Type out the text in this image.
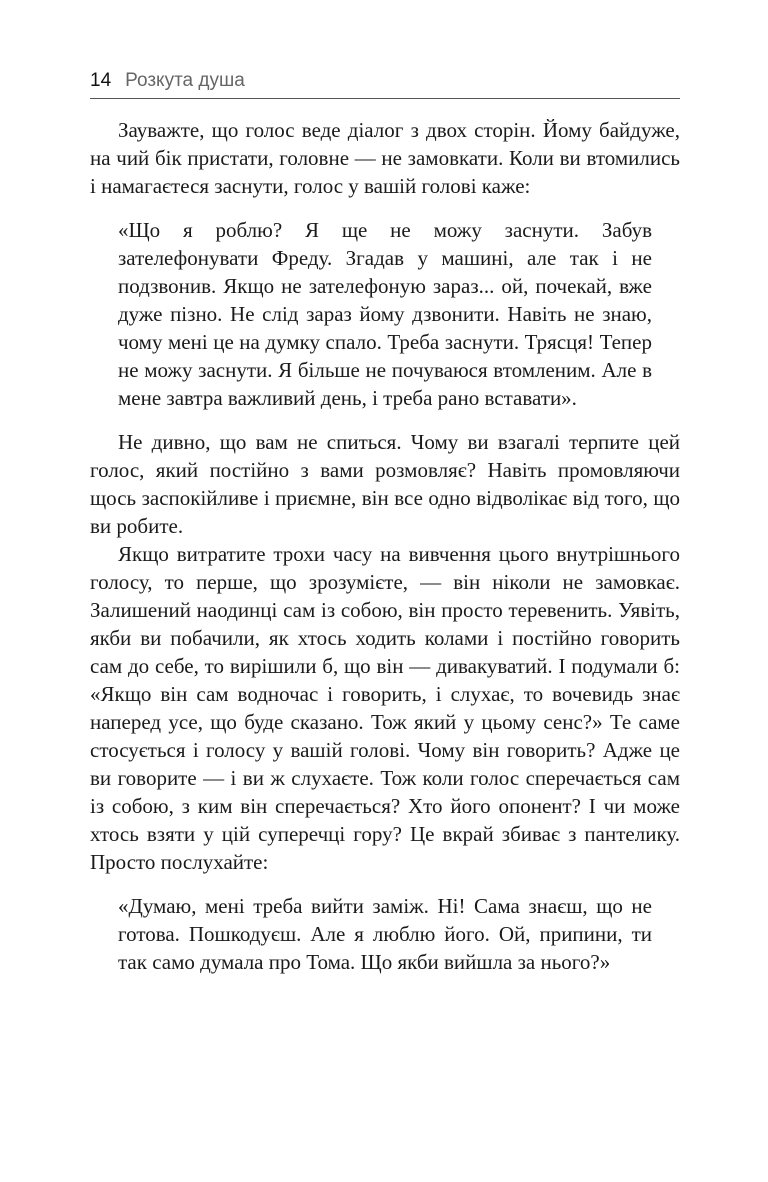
14 Розкута душа

Зауважте, що голос веде діалог з двох сторін. Йому байдуже, на чий бік пристати, головне — не замовкати. Коли ви втомились і намагаєтеся заснути, голос у вашій голові каже:

«Що я роблю? Я ще не можу заснути. Забув зателефонувати Фреду. Згадав у машині, але так і не подзвонив. Якщо не зателефоную зараз... ой, почекай, вже дуже пізно. Не слід зараз йому дзвонити. Навіть не знаю, чому мені це на думку спало. Треба заснути. Трясця! Тепер не можу заснути. Я більше не почуваюся втомленим. Але в мене завтра важливий день, і треба рано вставати».

Не дивно, що вам не спиться. Чому ви взагалі терпите цей голос, який постійно з вами розмовляє? Навіть промовляючи щось заспокійливе і приємне, він все одно відволікає від того, що ви робите.

Якщо витратите трохи часу на вивчення цього внутрішнього голосу, то перше, що зрозумієте, — він ніколи не замовкає. Залишений наодинці сам із собою, він просто теревенить. Уявіть, якби ви побачили, як хтось ходить колами і постійно говорить сам до себе, то вирішили б, що він — дивакуватий. І подумали б: «Якщо він сам водночас і говорить, і слухає, то вочевидь знає наперед усе, що буде сказано. Тож який у цьому сенс?» Те саме стосується і голосу у вашій голові. Чому він говорить? Адже це ви говорите — і ви ж слухаєте. Тож коли голос сперечається сам із собою, з ким він сперечається? Хто його опонент? І чи може хтось взяти у цій суперечці гору? Це вкрай збиває з пантелику. Просто послухайте:

«Думаю, мені треба вийти заміж. Ні! Сама знаєш, що не готова. Пошкодуєш. Але я люблю його. Ой, припини, ти так само думала про Тома. Що якби вийшла за нього?»
